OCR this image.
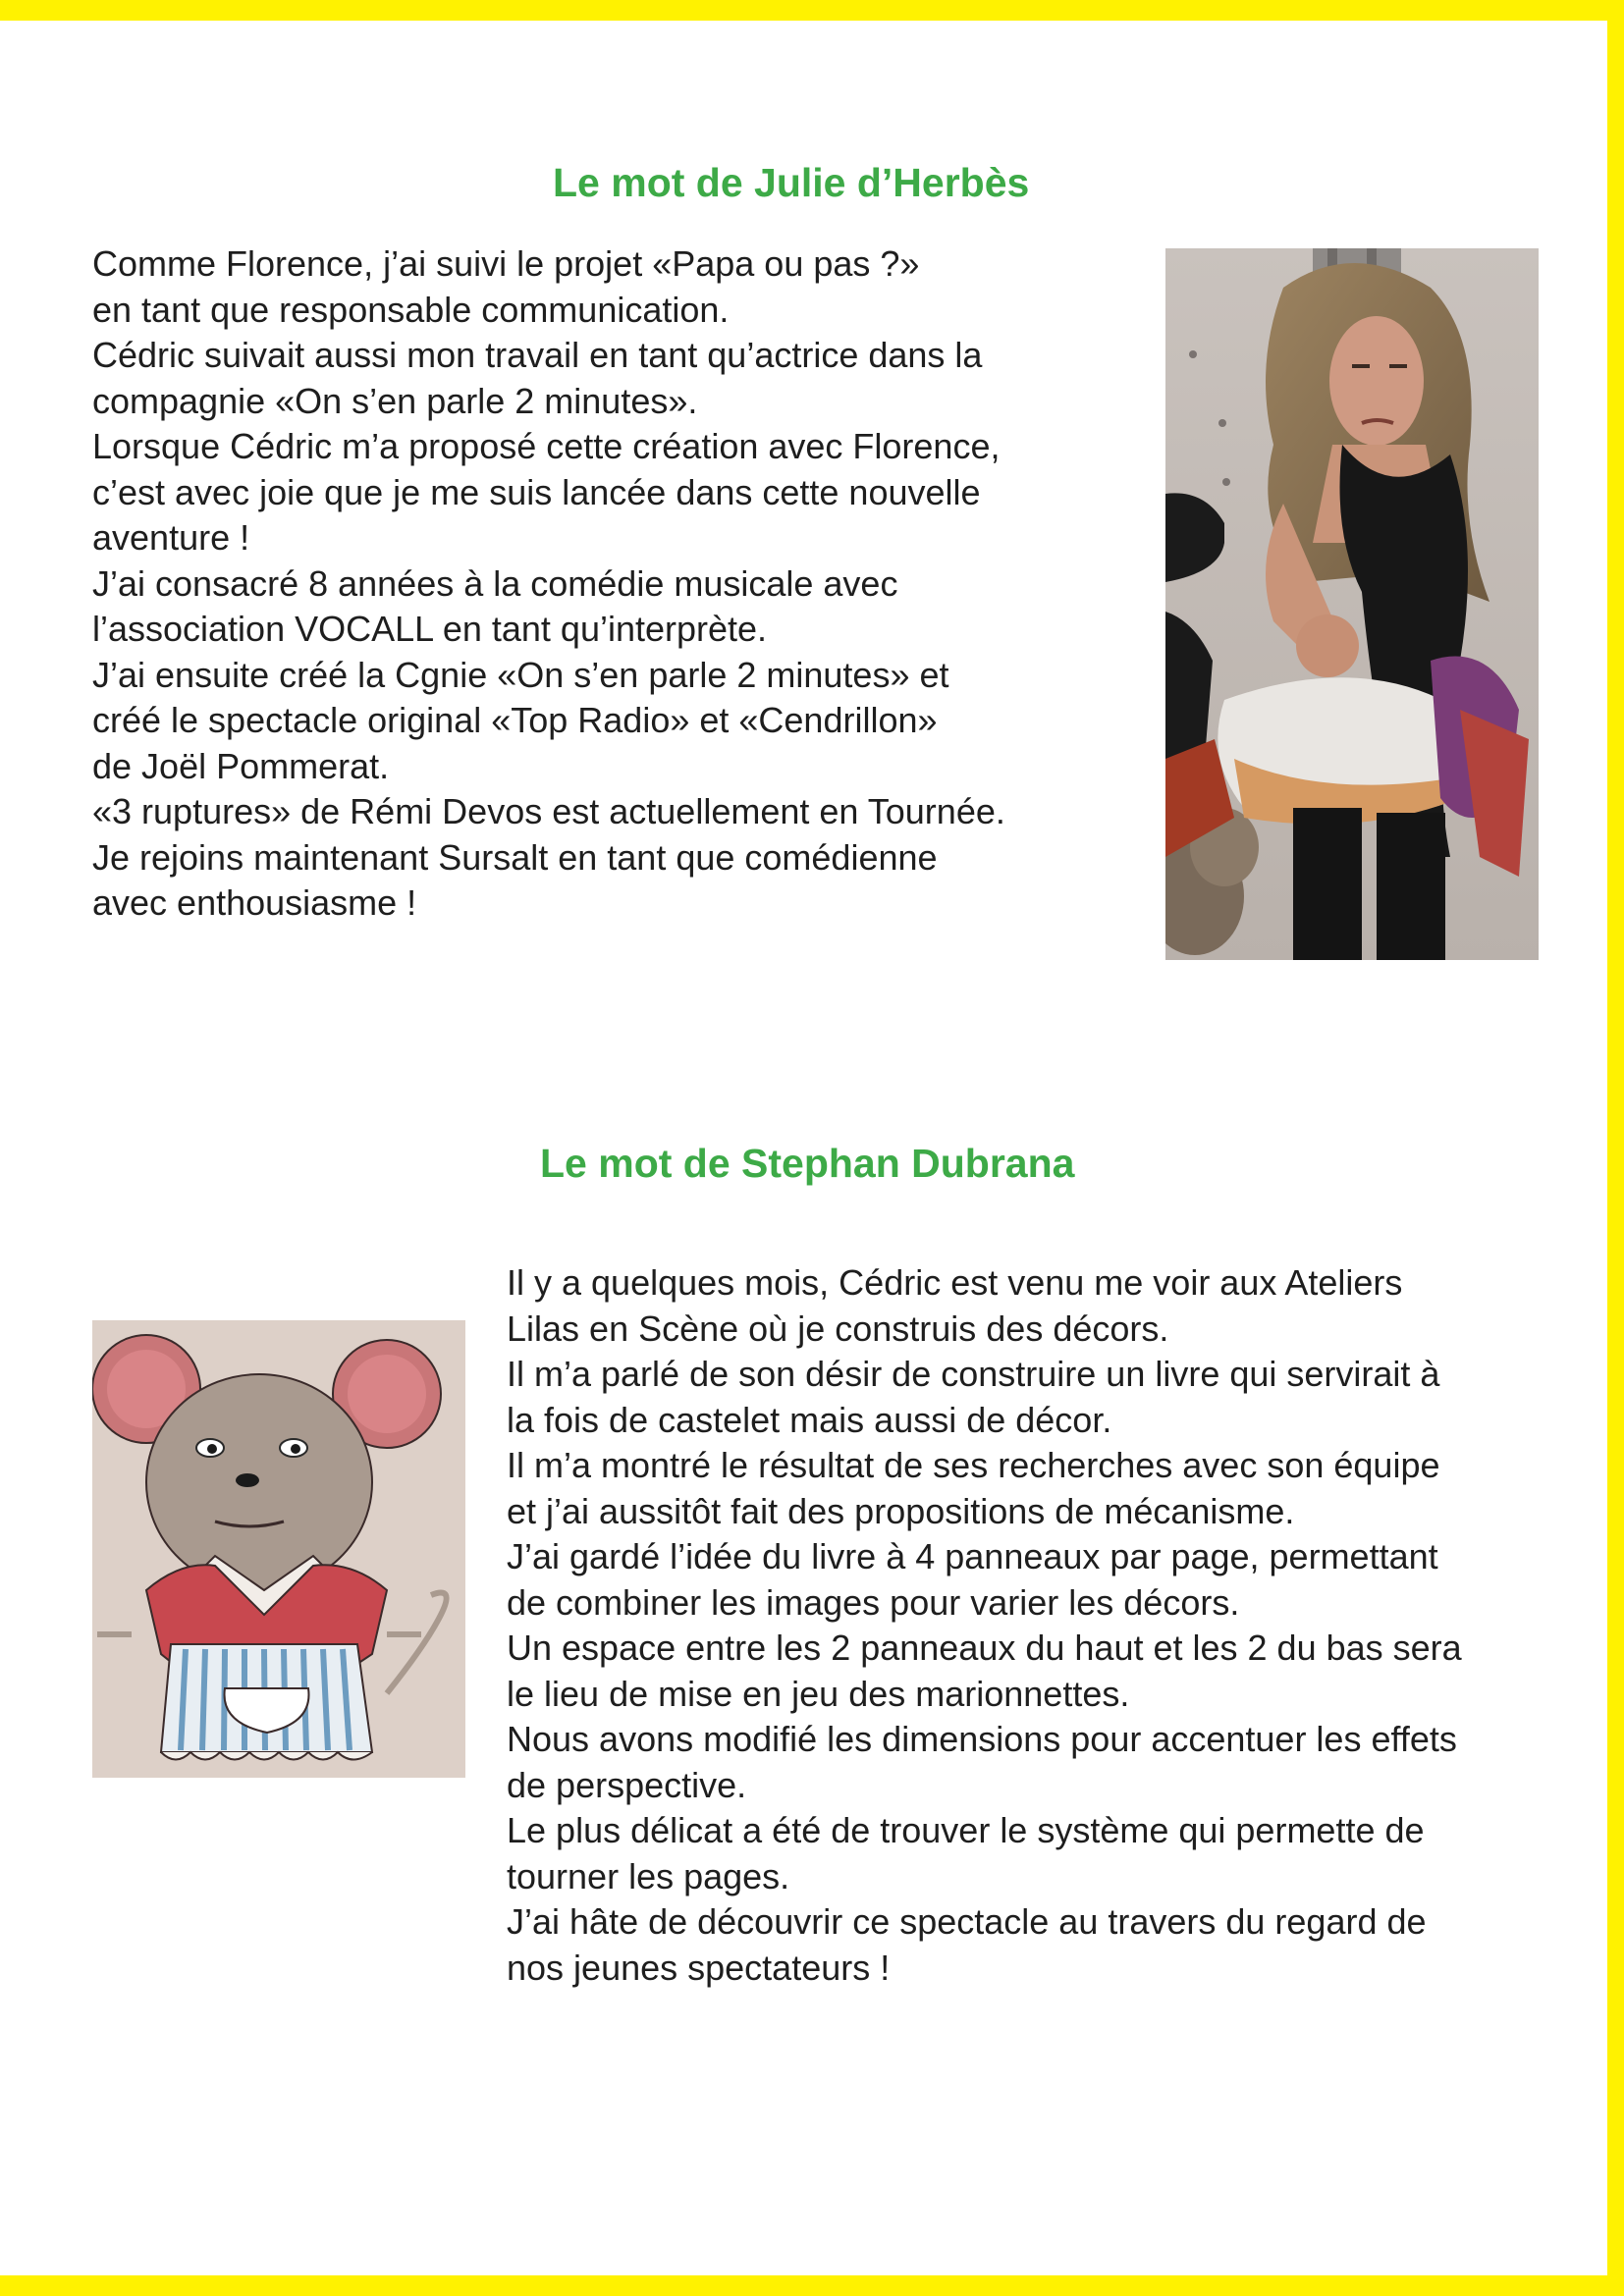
Le mot de Julie d’Herbès
Comme Florence, j’ai suivi le projet «Papa ou pas ?»
en tant que responsable communication.
Cédric suivait aussi mon travail en tant qu’actrice dans la
compagnie «On s’en parle 2 minutes».
Lorsque Cédric m’a proposé cette création avec Florence,
c’est avec joie que je me suis lancée dans cette nouvelle
aventure !
J’ai consacré 8 années à la comédie musicale avec
l’association VOCALL en tant qu’interprète.
J’ai ensuite créé la Cgnie «On s’en parle 2 minutes» et
créé le spectacle original «Top Radio» et «Cendrillon»
de Joël Pommerat.
«3 ruptures» de Rémi Devos est actuellement en Tournée.
Je rejoins maintenant Sursalt en tant que comédienne
avec enthousiasme !
Le mot de Stephan Dubrana
Il y a quelques mois, Cédric est venu me voir aux Ateliers
Lilas en Scène où je construis des décors.
Il m’a parlé de son désir de construire un livre qui servirait à
la fois de castelet mais aussi de décor.
Il m’a montré le résultat de ses recherches avec son équipe
et j’ai aussitôt fait des propositions de mécanisme.
J’ai gardé l’idée du livre à 4 panneaux par page, permettant
de combiner les images pour varier les décors.
Un espace entre les 2 panneaux du haut et les 2 du bas sera
le lieu de mise en jeu des marionnettes.
Nous avons modifié les dimensions pour accentuer les effets
de perspective.
Le plus délicat a été de trouver le système qui permette de
tourner les pages.
J’ai hâte de découvrir ce spectacle au travers du regard de
nos jeunes spectateurs !
